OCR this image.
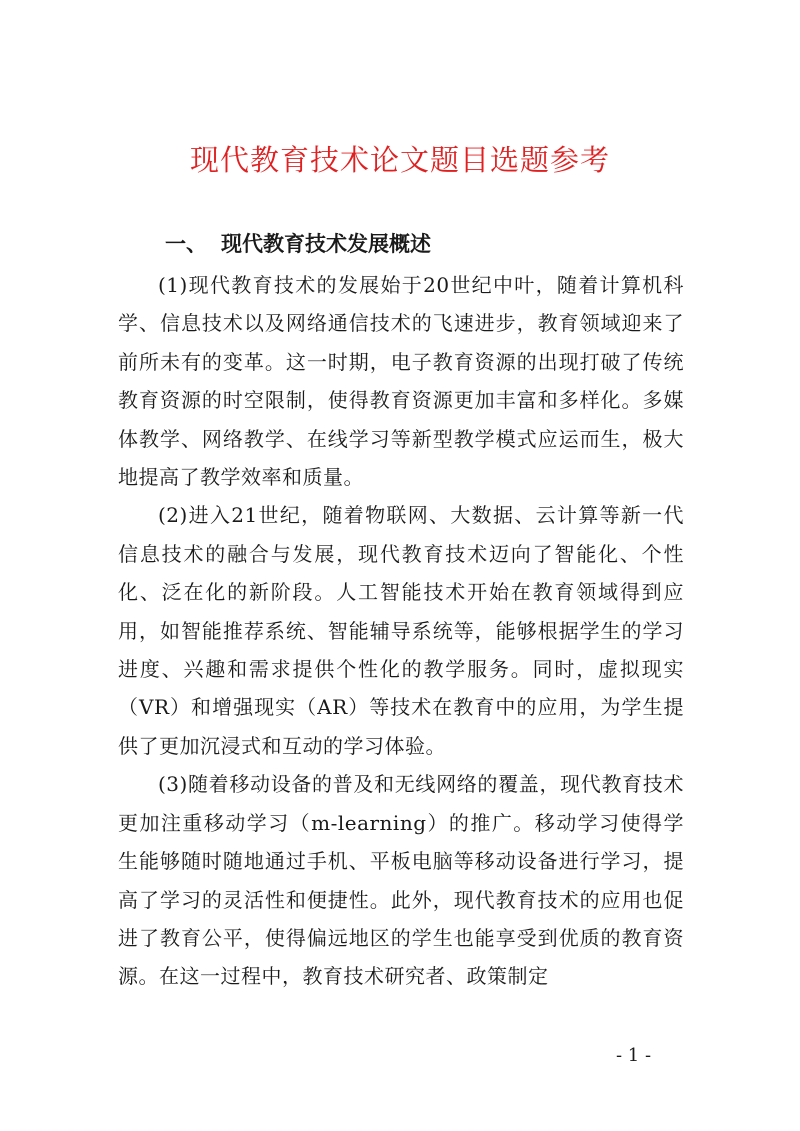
现代教育技术论文题目选题参考
一、 现代教育技术发展概述

(1)现代教育技术的发展始于20世纪中叶，随着计算机科学、信息技术以及网络通信技术的飞速进步，教育领域迎来了前所未有的变革。这一时期，电子教育资源的出现打破了传统教育资源的时空限制，使得教育资源更加丰富和多样化。多媒体教学、网络教学、在线学习等新型教学模式应运而生，极大地提高了教学效率和质量。

(2)进入21世纪，随着物联网、大数据、云计算等新一代信息技术的融合与发展，现代教育技术迈向了智能化、个性化、泛在化的新阶段。人工智能技术开始在教育领域得到应用，如智能推荐系统、智能辅导系统等，能够根据学生的学习进度、兴趣和需求提供个性化的教学服务。同时，虚拟现实（VR）和增强现实（AR）等技术在教育中的应用，为学生提供了更加沉浸式和互动的学习体验。

(3)随着移动设备的普及和无线网络的覆盖，现代教育技术更加注重移动学习（m-learning）的推广。移动学习使得学生能够随时随地通过手机、平板电脑等移动设备进行学习，提高了学习的灵活性和便捷性。此外，现代教育技术的应用也促进了教育公平，使得偏远地区的学生也能享受到优质的教育资源。在这一过程中，教育技术研究者、政策制定

- 1 -
